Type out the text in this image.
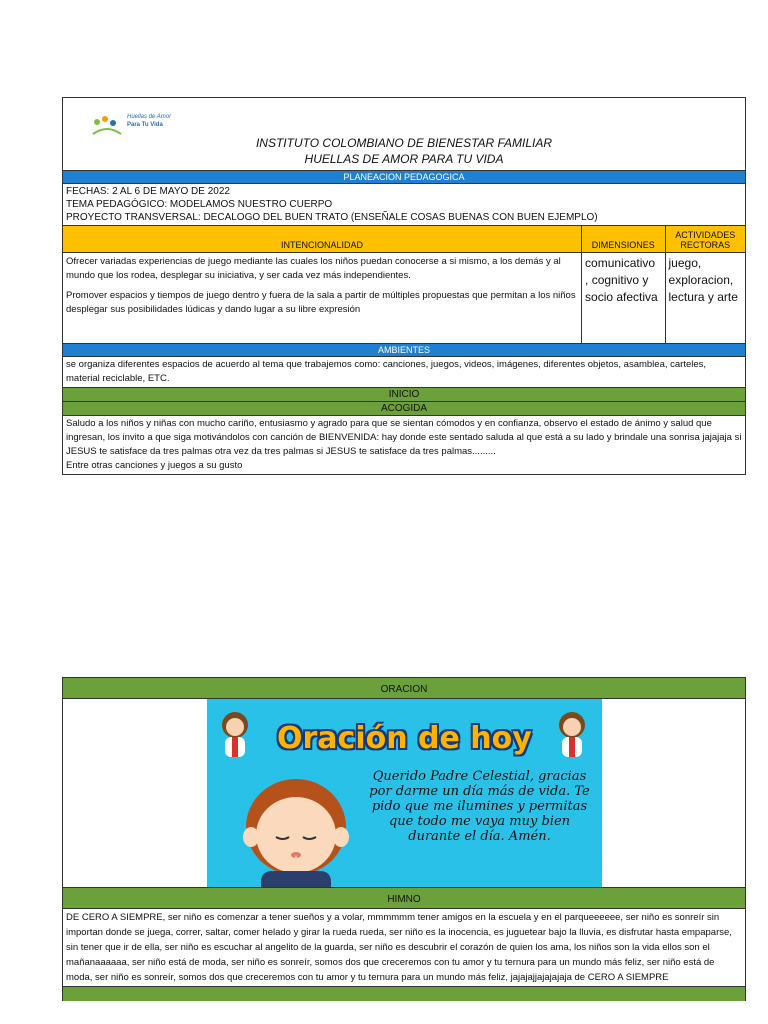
Huellas de Amor
Para Tu Vida
INSTITUTO COLOMBIANO DE BIENESTAR FAMILIAR
HUELLAS DE AMOR PARA TU VIDA
PLANEACION PEDAGOGICA
FECHAS: 2 AL 6 DE MAYO DE 2022
TEMA PEDAGÓGICO: MODELAMOS NUESTRO CUERPO
PROYECTO TRANSVERSAL: DECALOGO DEL BUEN TRATO (ENSEÑALE COSAS BUENAS CON BUEN EJEMPLO)
INTENCIONALIDAD	DIMENSIONES	ACTIVIDADES RECTORAS

Ofrecer variadas experiencias de juego mediante las cuales los niños puedan conocerse a si mismo, a los demás y al mundo que los rodea, desplegar su iniciativa, y ser cada vez más independientes.
Promover espacios y tiempos de juego dentro y fuera de la sala a partir de múltiples propuestas que permitan a los niños desplegar sus posibilidades lúdicas y dando lugar a su libre expresión	comunicativo , cognitivo y socio afectiva	juego, exploracion, lectura y arte
AMBIENTES
se organiza diferentes espacios de acuerdo al tema que trabajemos como: canciones, juegos, videos, imágenes, diferentes objetos, asamblea, carteles, material reciclable, ETC.
INICIO
ACOGIDA
Saludo a los niños y niñas con mucho cariño, entusiasmo y agrado para que se sientan cómodos y en confianza, observo el estado de ánimo y salud que ingresan, los invito a que siga motivándolos con canción de BIENVENIDA: hay donde este sentado saluda al que está a su lado y brindale una sonrisa jajajaja si JESUS te satisface da tres palmas otra vez da tres palmas si JESUS te satisface da tres palmas.........
Entre otras canciones y juegos a su gusto
ORACION
Oración de hoy
Querido Padre Celestial, gracias por darme un día más de vida. Te pido que me ilumines y permitas que todo me vaya muy bien durante el día. Amén.
HIMNO
DE CERO A SIEMPRE, ser niño es comenzar a tener sueños y a volar, mmmmmm tener amigos en la escuela y en el parqueeeeee, ser niño es sonreír sin importan donde se juega, correr, saltar, comer helado y girar la rueda rueda, ser niño es la inocencia, es juguetear bajo la lluvia, es disfrutar hasta empaparse, sin tener que ir de ella, ser niño es escuchar al angelito de la guarda, ser niño es descubrir el corazón de quien los ama, los niños son la vida ellos son el mañanaaaaaa, ser niño está de moda, ser niño es sonreír, somos dos que creceremos con tu amor y tu ternura para un mundo más feliz, ser niño está de moda, ser niño es sonreír, somos dos que creceremos con tu amor y tu ternura para un mundo más feliz, jajajajjajajajaja de CERO A SIEMPRE
